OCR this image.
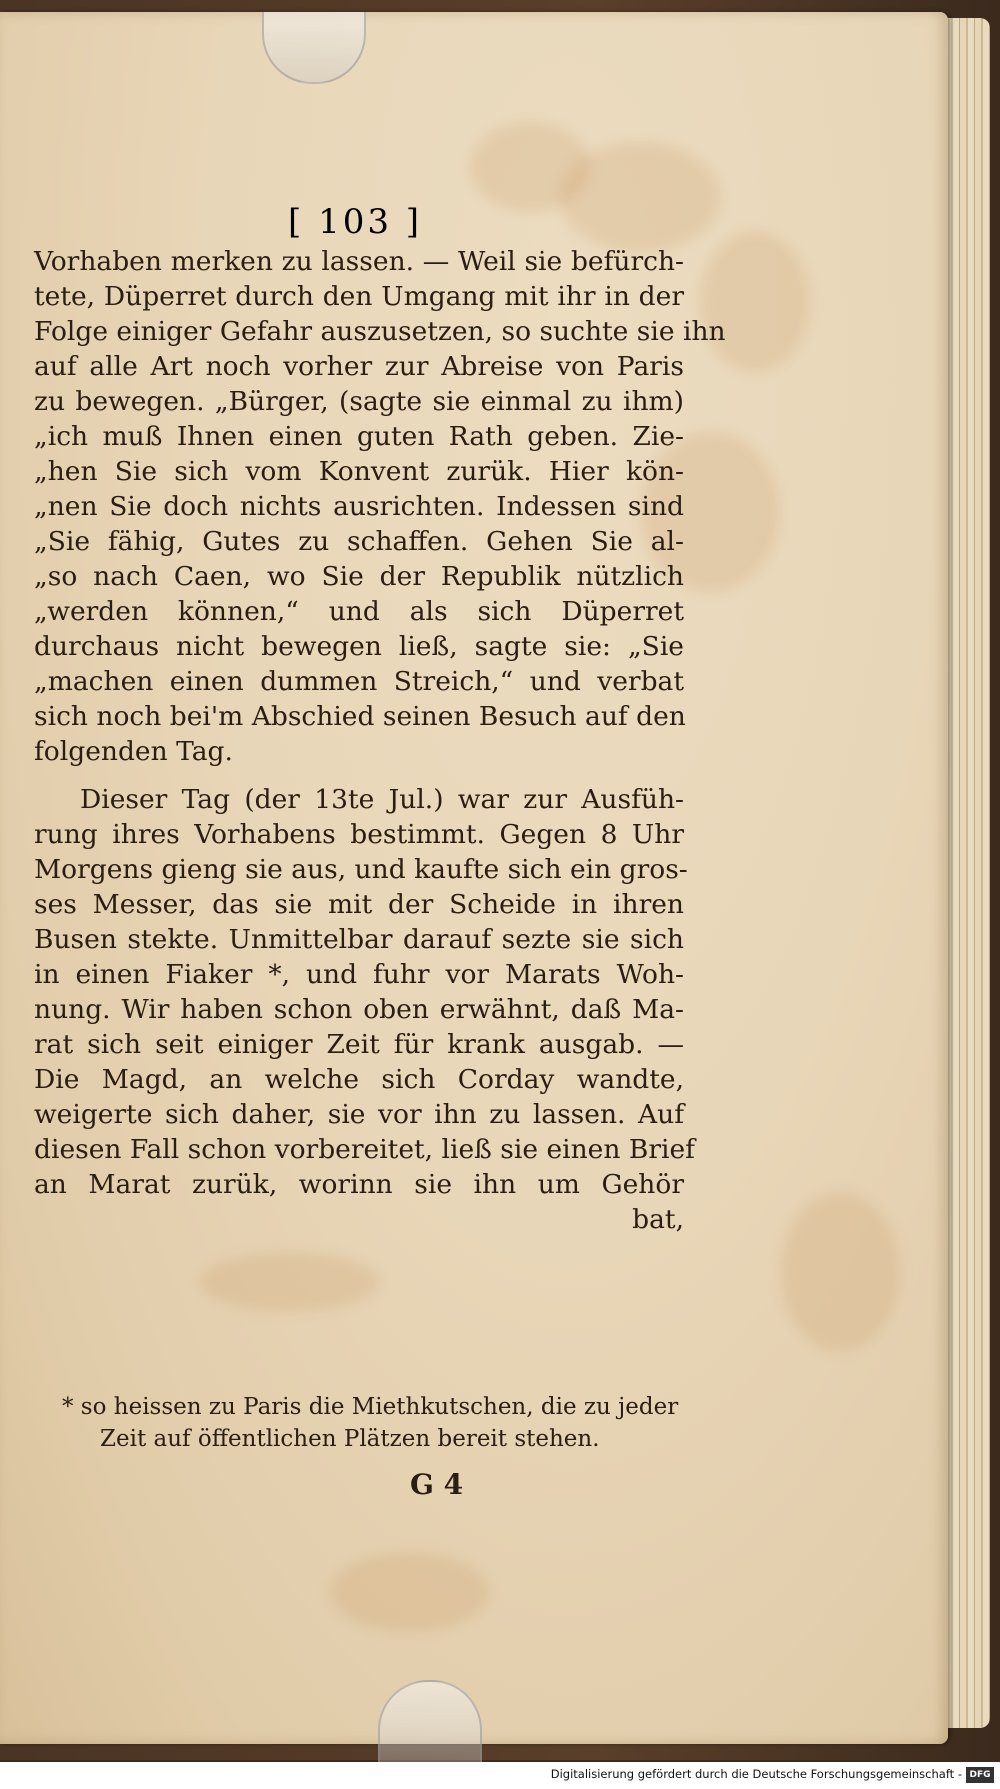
[ 103 ]
Vorhaben merken zu lassen. — Weil sie befürch-
tete, Düperret durch den Umgang mit ihr in der
Folge einiger Gefahr auszusetzen, so suchte sie ihn
auf alle Art noch vorher zur Abreise von Paris
zu bewegen. „Bürger, (sagte sie einmal zu ihm)
„ich muß Ihnen einen guten Rath geben. Zie-
„hen Sie sich vom Konvent zurük. Hier kön-
„nen Sie doch nichts ausrichten. Indessen sind
„Sie fähig, Gutes zu schaffen. Gehen Sie al-
„so nach Caen, wo Sie der Republik nützlich
„werden können,“ und als sich Düperret
durchaus nicht bewegen ließ, sagte sie: „Sie
„machen einen dummen Streich,“ und verbat
sich noch bei'm Abschied seinen Besuch auf den
folgenden Tag.
Dieser Tag (der 13te Jul.) war zur Ausfüh-
rung ihres Vorhabens bestimmt. Gegen 8 Uhr
Morgens gieng sie aus, und kaufte sich ein gros-
ses Messer, das sie mit der Scheide in ihren
Busen stekte. Unmittelbar darauf sezte sie sich
in einen Fiaker *, und fuhr vor Marats Woh-
nung. Wir haben schon oben erwähnt, daß Ma-
rat sich seit einiger Zeit für krank ausgab. —
Die Magd, an welche sich Corday wandte,
weigerte sich daher, sie vor ihn zu lassen. Auf
diesen Fall schon vorbereitet, ließ sie einen Brief
an Marat zurük, worinn sie ihn um Gehör
bat,
* so heissen zu Paris die Miethkutschen, die zu jeder
Zeit auf öffentlichen Plätzen bereit stehen.
G 4
Digitalisierung gefördert durch die Deutsche Forschungsgemeinschaft - DFG
